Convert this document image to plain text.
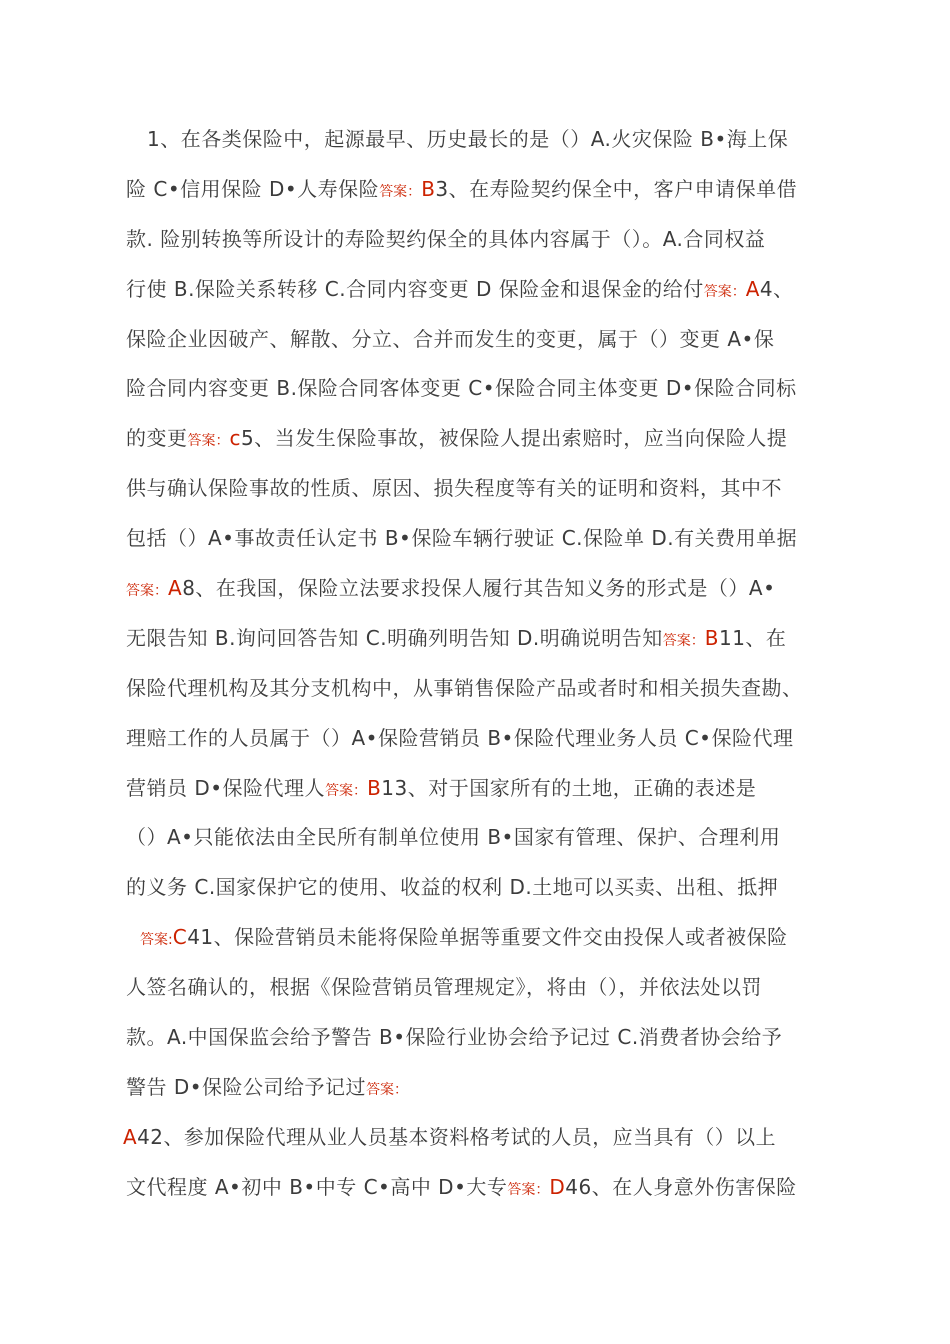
1、在各类保险中，起源最早、历史最长的是（）A.火灾保险 B•海上保
险 C•信用保险 D•人寿保险答案：B3、在寿险契约保全中，客户申请保单借
款. 险别转换等所设计的寿险契约保全的具体内容属于（）。A.合同权益
行使 B.保险关系转移 C.合同内容变更 D 保险金和退保金的给付答案：A4、
保险企业因破产、解散、分立、合并而发生的变更，属于（）变更 A•保
险合同内容变更 B.保险合同客体变更 C•保险合同主体变更 D•保险合同标
的变更答案：c5、当发生保险事故，被保险人提出索赔时，应当向保险人提
供与确认保险事故的性质、原因、损失程度等有关的证明和资料，其中不
包括（）A•事故责任认定书 B•保险车辆行驶证 C.保险单 D.有关费用单据
答案：A8、在我国，保险立法要求投保人履行其告知义务的形式是（）A•
无限告知 B.询问回答告知 C.明确列明告知 D.明确说明告知答案：B11、在
保险代理机构及其分支机构中，从事销售保险产品或者时和相关损失查勘、
理赔工作的人员属于（）A•保险营销员 B•保险代理业务人员 C•保险代理
营销员 D•保险代理人答案：B13、对于国家所有的土地，正确的表述是
（）A•只能依法由全民所有制单位使用 B•国家有管理、保护、合理利用
的义务 C.国家保护它的使用、收益的权利 D.土地可以买卖、出租、抵押
答案:C41、保险营销员未能将保险单据等重要文件交由投保人或者被保险
人签名确认的，根据《保险营销员管理规定》，将由（），并依法处以罚
款。A.中国保监会给予警告 B•保险行业协会给予记过 C.消费者协会给予
警告 D•保险公司给予记过答案：
A42、参加保险代理从业人员基本资料格考试的人员，应当具有（）以上
文代程度 A•初中 B•中专 C•高中 D•大专答案：D46、在人身意外伤害保险
